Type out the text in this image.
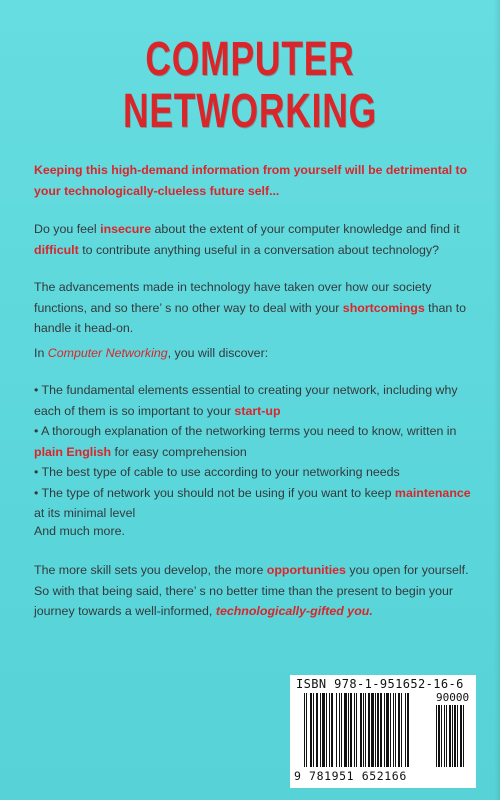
COMPUTER
NETWORKING
Keeping this high-demand information from yourself will be detrimental to your technologically-clueless future self...
Do you feel insecure about the extent of your computer knowledge and find it difficult to contribute anything useful in a conversation about technology?
The advancements made in technology have taken over how our society functions, and so there’ s no other way to deal with your shortcomings than to handle it head-on.
In Computer Networking, you will discover:
• The fundamental elements essential to creating your network, including why each of them is so important to your start-up
• A thorough explanation of the networking terms you need to know, written in plain English for easy comprehension
• The best type of cable to use according to your networking needs
• The type of network you should not be using if you want to keep maintenance at its minimal level
And much more.
The more skill sets you develop, the more opportunities you open for yourself. So with that being said, there’ s no better time than the present to begin your journey towards a well-informed, technologically-gifted you.
ISBN 978-1-951652-16-6
90000
9 781951 652166
